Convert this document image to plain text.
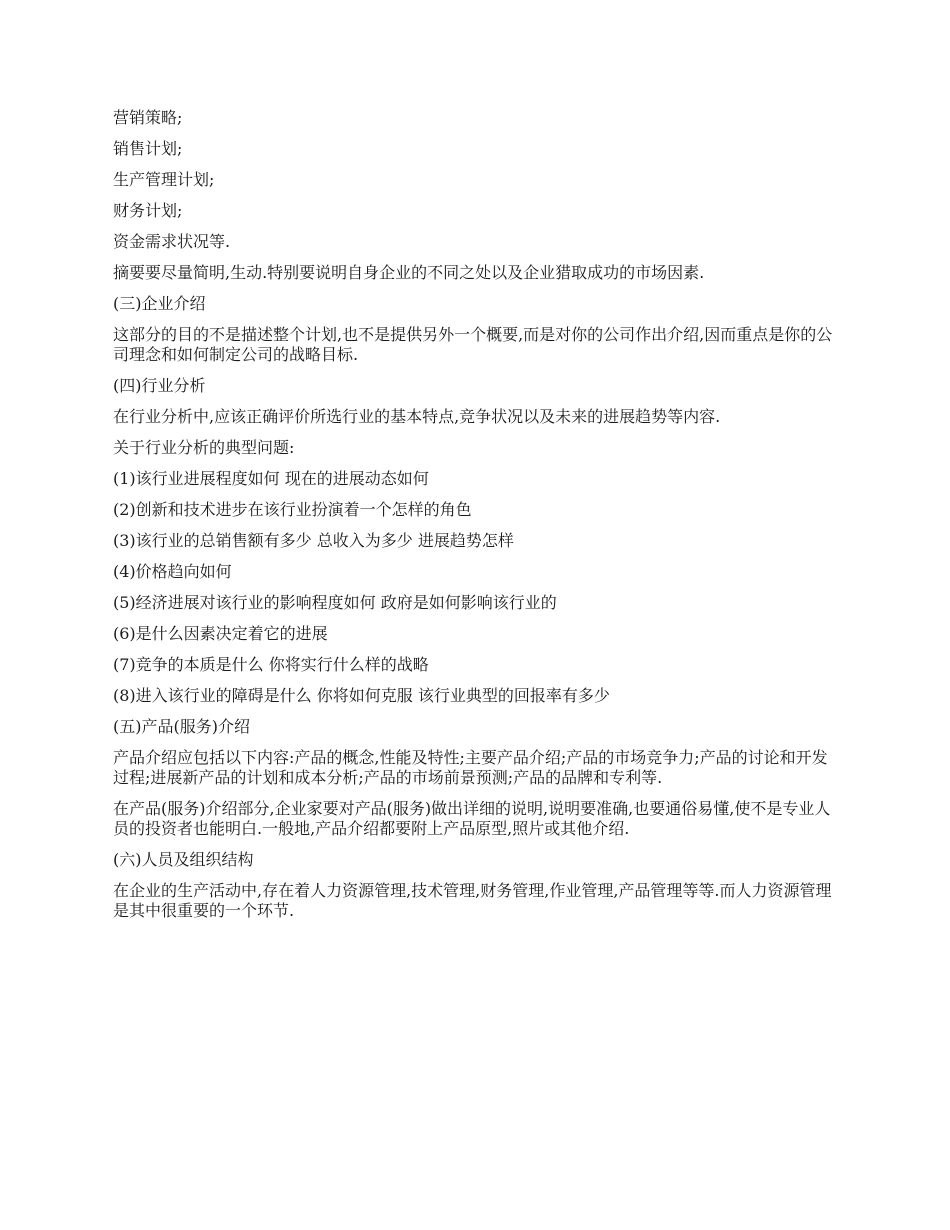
营销策略;

销售计划;

生产管理计划;

财务计划;

资金需求状况等.

摘要要尽量简明,生动.特别要说明自身企业的不同之处以及企业猎取成功的市场因素.

(三)企业介绍

这部分的目的不是描述整个计划,也不是提供另外一个概要,而是对你的公司作出介绍,因而重点是你的公司理念和如何制定公司的战略目标.

(四)行业分析

在行业分析中,应该正确评价所选行业的基本特点,竞争状况以及未来的进展趋势等内容.

关于行业分析的典型问题:

(1)该行业进展程度如何 现在的进展动态如何

(2)创新和技术进步在该行业扮演着一个怎样的角色

(3)该行业的总销售额有多少 总收入为多少 进展趋势怎样

(4)价格趋向如何

(5)经济进展对该行业的影响程度如何 政府是如何影响该行业的

(6)是什么因素决定着它的进展

(7)竞争的本质是什么 你将实行什么样的战略

(8)进入该行业的障碍是什么 你将如何克服 该行业典型的回报率有多少

(五)产品(服务)介绍

产品介绍应包括以下内容:产品的概念,性能及特性;主要产品介绍;产品的市场竞争力;产品的讨论和开发过程;进展新产品的计划和成本分析;产品的市场前景预测;产品的品牌和专利等.

在产品(服务)介绍部分,企业家要对产品(服务)做出详细的说明,说明要准确,也要通俗易懂,使不是专业人员的投资者也能明白.一般地,产品介绍都要附上产品原型,照片或其他介绍.

(六)人员及组织结构

在企业的生产活动中,存在着人力资源管理,技术管理,财务管理,作业管理,产品管理等等.而人力资源管理是其中很重要的一个环节.
